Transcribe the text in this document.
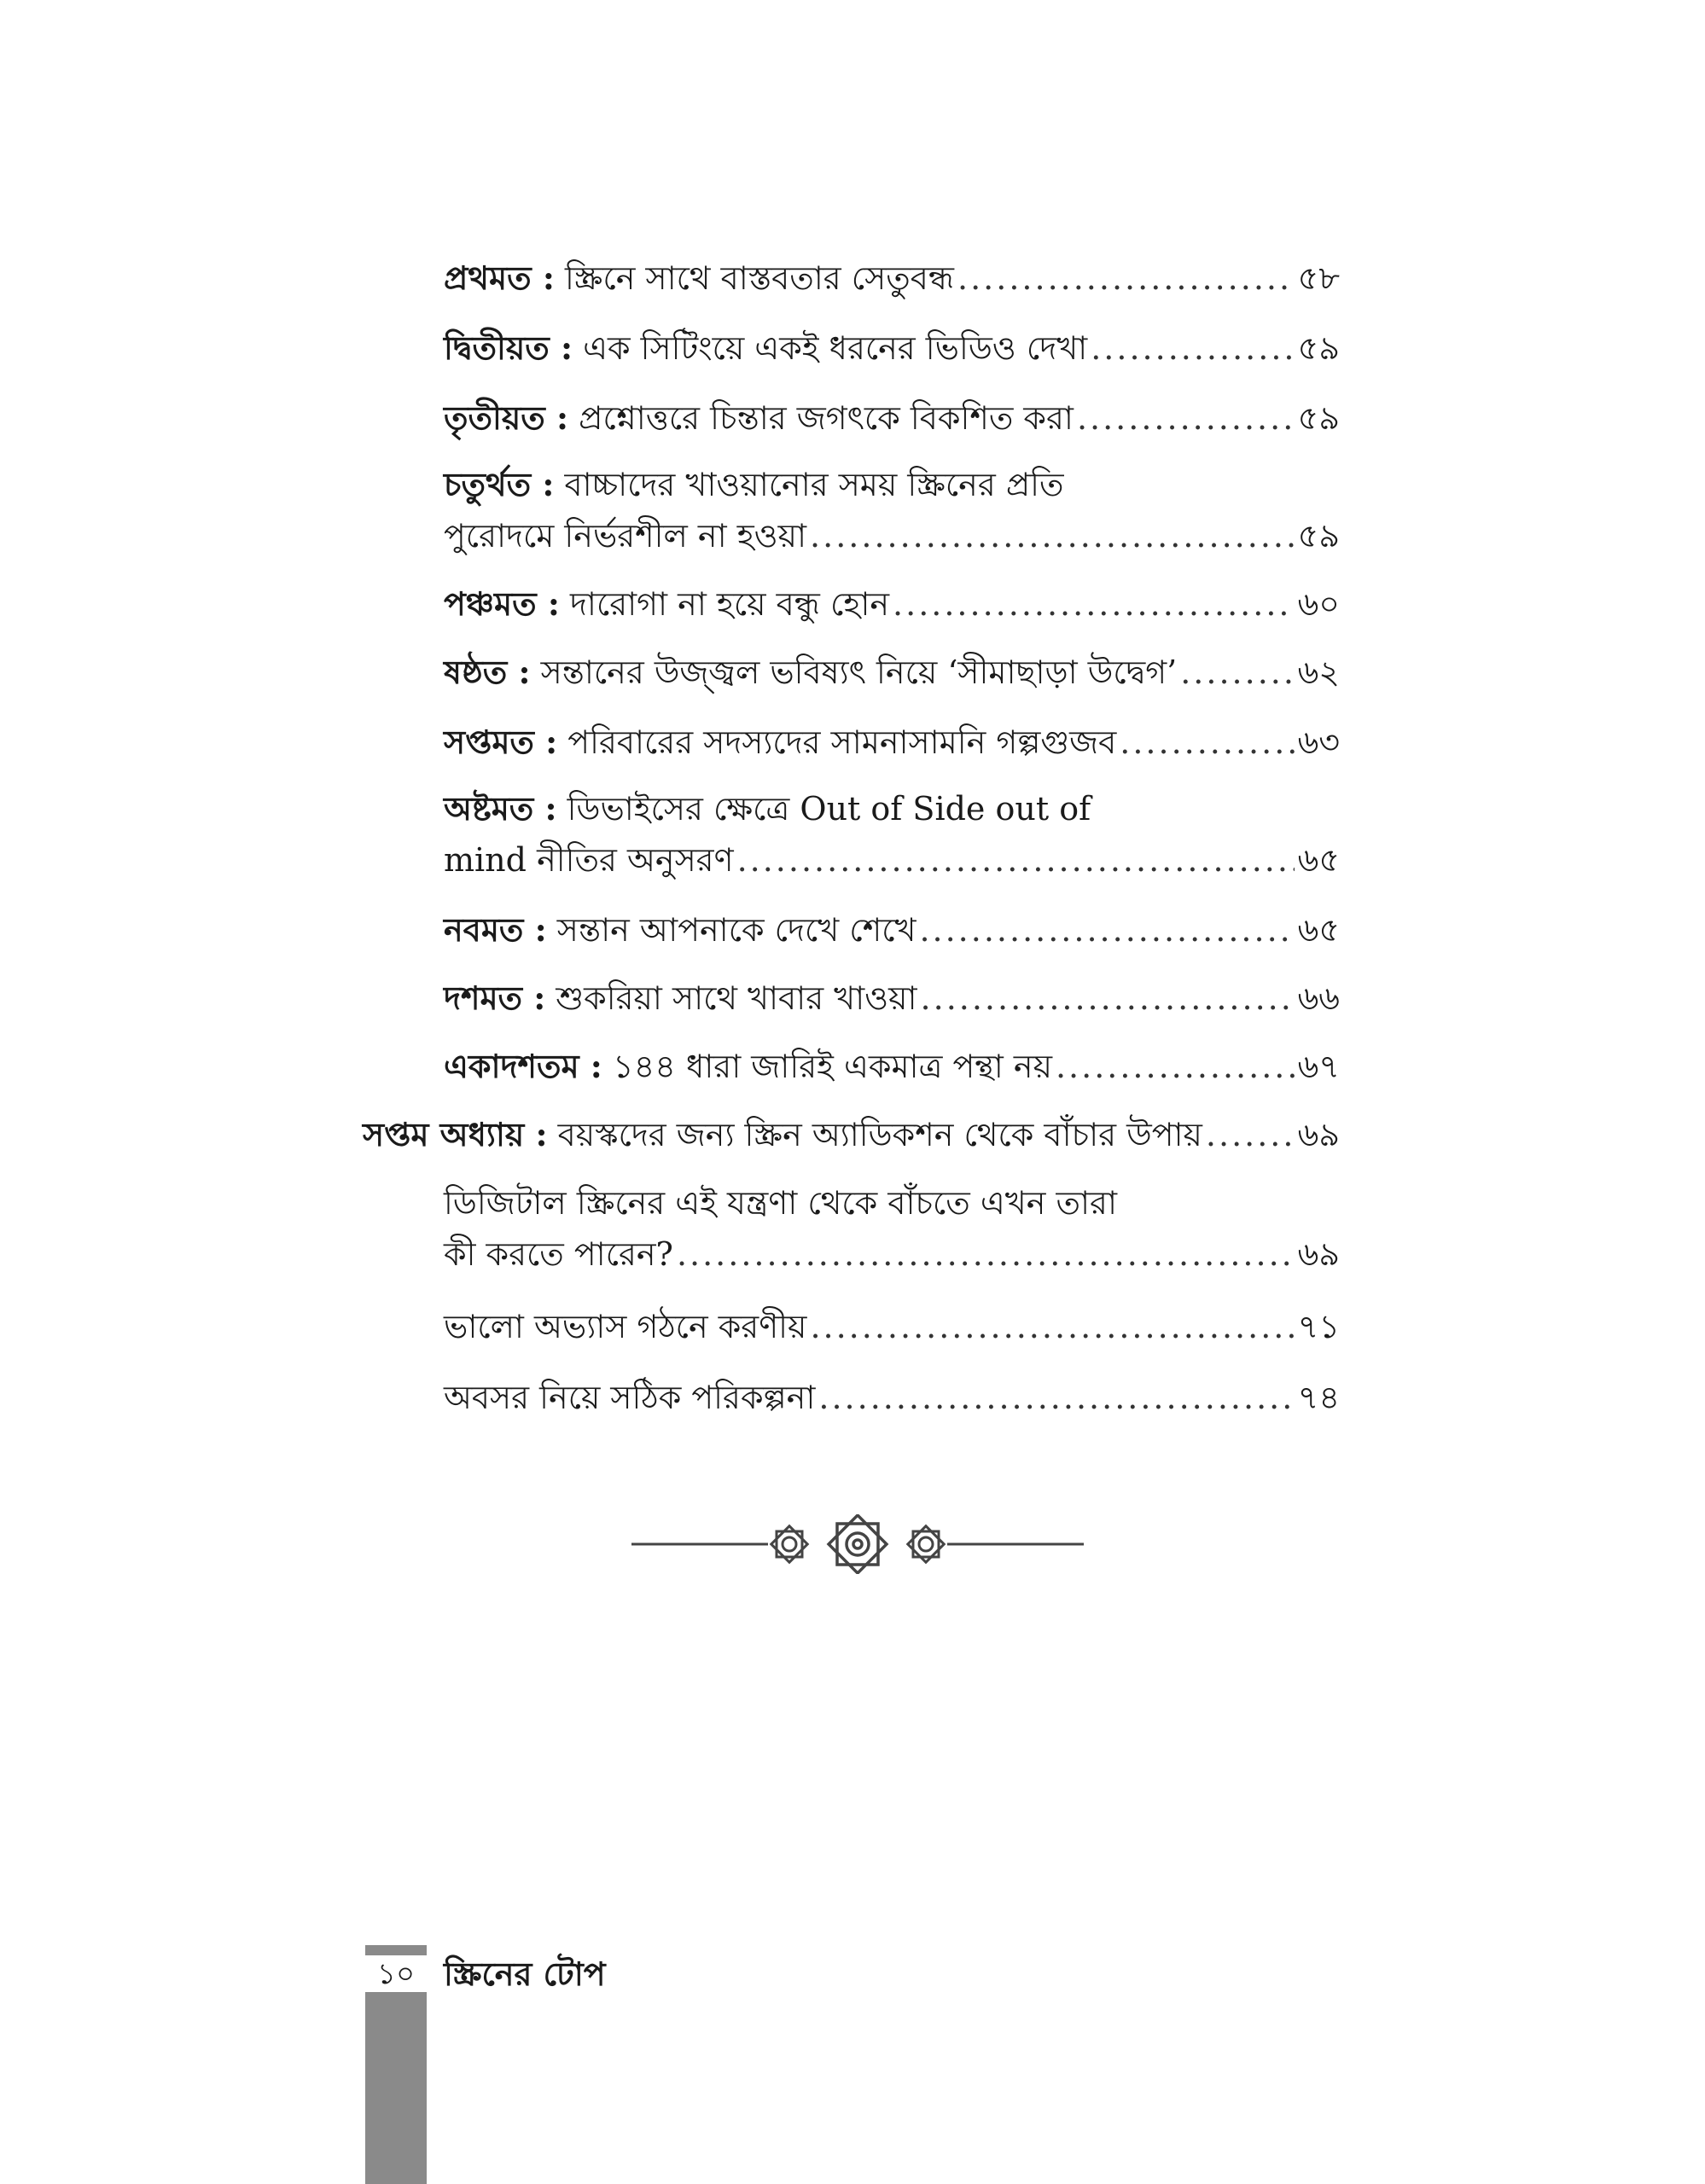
প্রথমত :
স্ক্রিনে সাথে বাস্তবতার সেতুবন্ধ .....	৫৮
দ্বিতীয়ত :
এক সিটিংয়ে একই ধরনের ভিডিও দেখা .....	৫৯
তৃতীয়ত :
প্রশ্নোত্তরে চিন্তার জগৎকে বিকশিত করা .....	৫৯
চতুর্থত :
বাচ্চাদের খাওয়ানোর সময় স্ক্রিনের প্রতি
পুরোদমে নির্ভরশীল না হওয়া .....	৫৯
পঞ্চমত :
দারোগা না হয়ে বন্ধু হোন .....	৬০
ষষ্ঠত :
সন্তানের উজ্জ্বল ভবিষ্যৎ নিয়ে ‘সীমাছাড়া উদ্বেগ’ .....	৬২
সপ্তমত :
পরিবারের সদস্যদের সামনাসামনি গল্পগুজব .....	৬৩
অষ্টমত :
ডিভাইসের ক্ষেত্রে Out of Side out of
mind নীতির অনুসরণ .....	৬৫
নবমত :
সন্তান আপনাকে দেখে শেখে .....	৬৫
দশমত :
শুকরিয়া সাথে খাবার খাওয়া .....	৬৬
একাদশতম :
১৪৪ ধারা জারিই একমাত্র পন্থা নয় .....	৬৭
সপ্তম অধ্যায় :
বয়স্কদের জন্য স্ক্রিন অ্যাডিকশন থেকে বাঁচার উপায় .....	৬৯
ডিজিটাল স্ক্রিনের এই যন্ত্রণা থেকে বাঁচতে এখন তারা
কী করতে পারেন? .....	৬৯
ভালো অভ্যাস গঠনে করণীয় .....	৭১
অবসর নিয়ে সঠিক পরিকল্পনা .....	৭৪
১০ স্ক্রিনের টোপ
